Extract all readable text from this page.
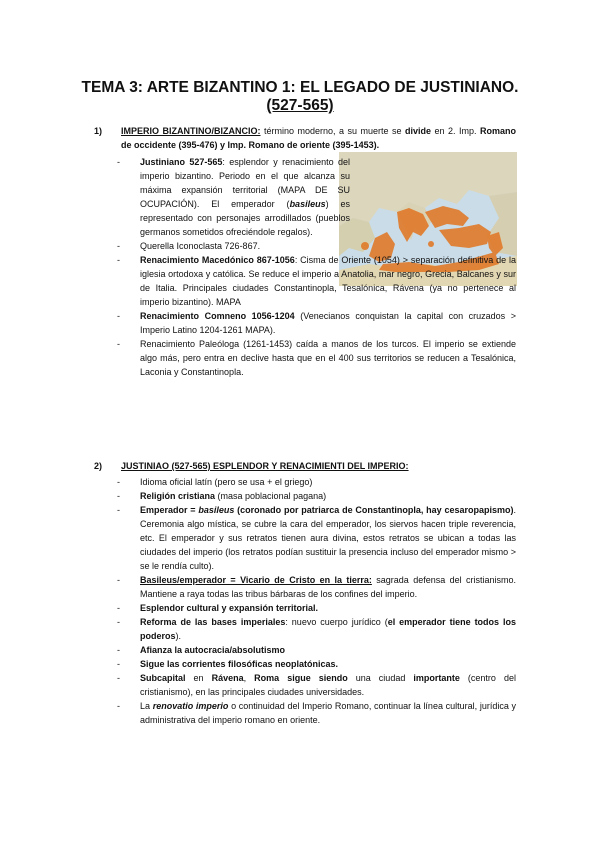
TEMA 3: ARTE BIZANTINO 1: EL LEGADO DE JUSTINIANO.
(527-565)
1) IMPERIO BIZANTINO/BIZANCIO: término moderno, a su muerte se divide en 2. Imp. Romano de occidente (395-476) y Imp. Romano de oriente (395-1453).
- Justiniano 527-565: esplendor y renacimiento del imperio bizantino. Periodo en el que alcanza su máxima expansión territorial (MAPA DE SU OCUPACIÓN). El emperador (basileus) es representado con personajes arrodillados (pueblos germanos sometidos ofreciéndole regalos).
- Querella Iconoclasta 726-867.
- Renacimiento Macedónico 867-1056: Cisma de Oriente (1054) > separación definitiva de la iglesia ortodoxa y católica. Se reduce el imperio a Anatolia, mar negro, Grecia, Balcanes y sur de Italia. Principales ciudades Constantinopla, Tesalónica, Rávena (ya no pertenece al imperio bizantino). MAPA
- Renacimiento Comneno 1056-1204 (Venecianos conquistan la capital con cruzados > Imperio Latino 1204-1261 MAPA).
- Renacimiento Paleóloga (1261-1453) caída a manos de los turcos. El imperio se extiende algo más, pero entra en declive hasta que en el 400 sus territorios se reducen a Tesalónica, Laconia y Constantinopla.
2) JUSTINIAO (527-565) ESPLENDOR Y RENACIMIENTI DEL IMPERIO:
- Idioma oficial latín (pero se usa + el griego)
- Religión cristiana (masa poblacional pagana)
- Emperador = basileus (coronado por patriarca de Constantinopla, hay cesaropapismo). Ceremonia algo mística, se cubre la cara del emperador, los siervos hacen triple reverencia, etc. El emperador y sus retratos tienen aura divina, estos retratos se ubican a todas las ciudades del imperio (los retratos podían sustituir la presencia incluso del emperador mismo > se le rendía culto).
- Basileus/emperador = Vicario de Cristo en la tierra: sagrada defensa del cristianismo. Mantiene a raya todas las tribus bárbaras de los confines del imperio.
- Esplendor cultural y expansión territorial.
- Reforma de las bases imperiales: nuevo cuerpo jurídico (el emperador tiene todos los poderos).
- Afianza la autocracia/absolutismo
- Sigue las corrientes filosóficas neoplatónicas.
- Subcapital en Rávena, Roma sigue siendo una ciudad importante (centro del cristianismo), en las principales ciudades universidades.
- La renovatio imperio o continuidad del Imperio Romano, continuar la línea cultural, jurídica y administrativa del imperio romano en oriente.
